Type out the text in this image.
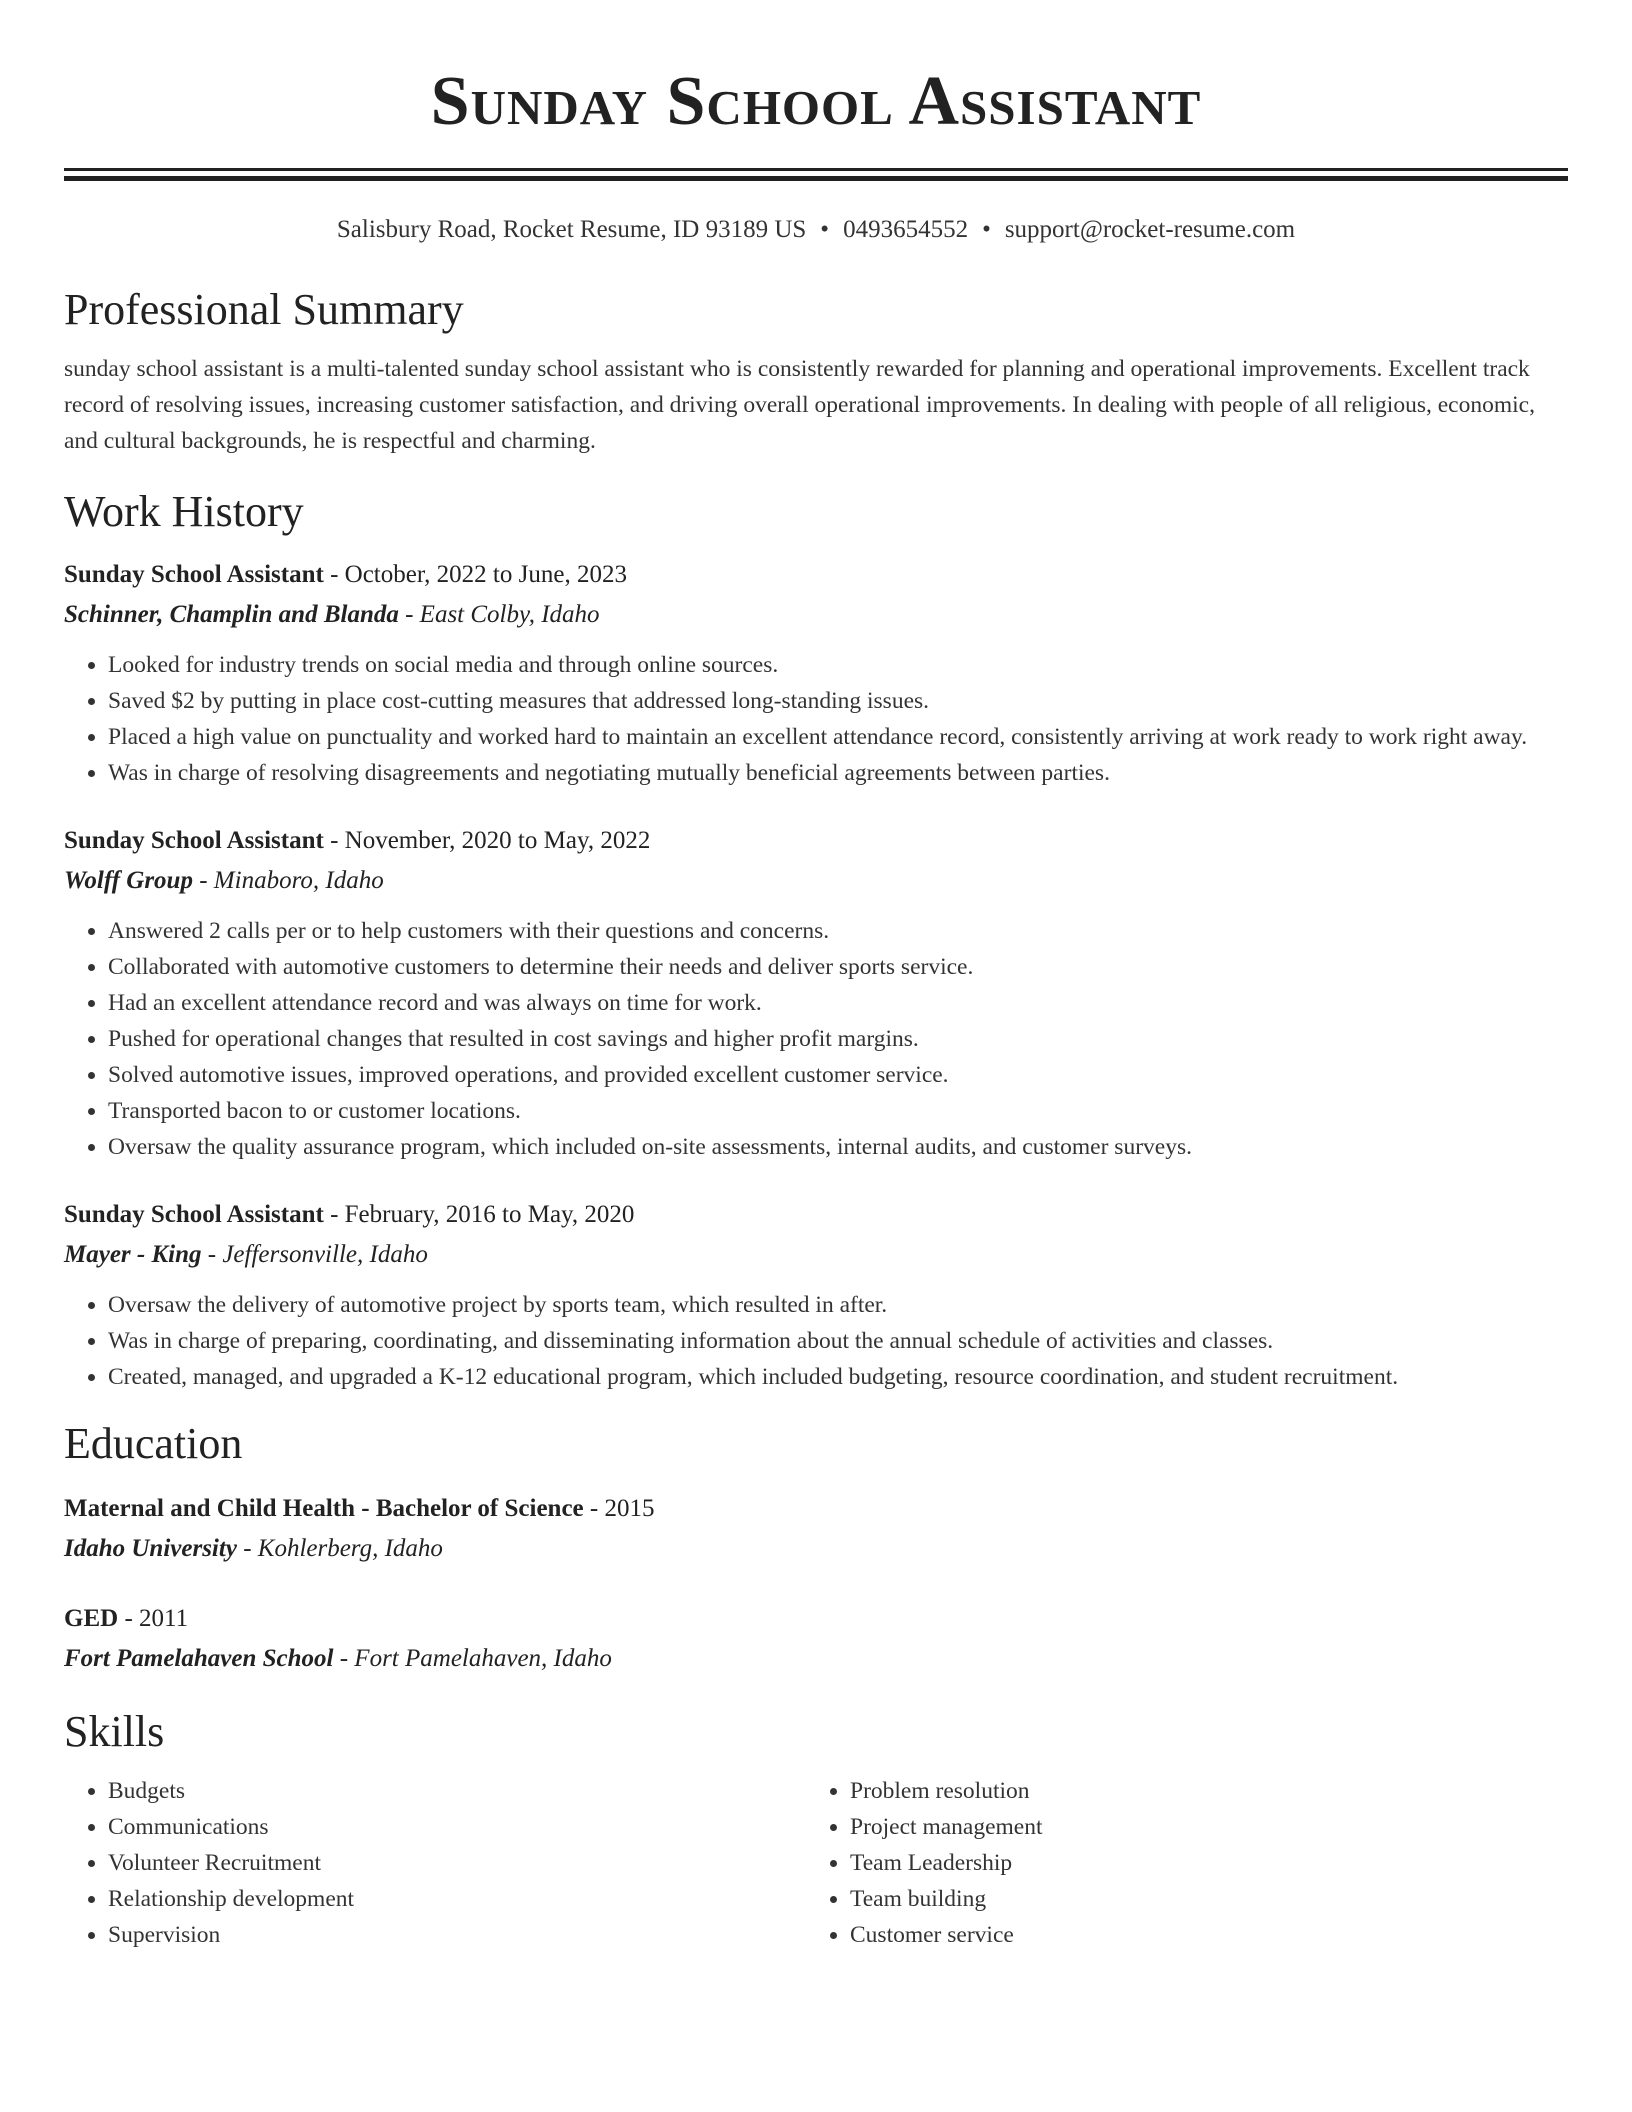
Sunday School Assistant
Salisbury Road, Rocket Resume, ID 93189 US • 0493654552 • support@rocket-resume.com
Professional Summary
sunday school assistant is a multi-talented sunday school assistant who is consistently rewarded for planning and operational improvements. Excellent track record of resolving issues, increasing customer satisfaction, and driving overall operational improvements. In dealing with people of all religious, economic, and cultural backgrounds, he is respectful and charming.
Work History
Sunday School Assistant - October, 2022 to June, 2023
Schinner, Champlin and Blanda - East Colby, Idaho
• Looked for industry trends on social media and through online sources.
• Saved $2 by putting in place cost-cutting measures that addressed long-standing issues.
• Placed a high value on punctuality and worked hard to maintain an excellent attendance record, consistently arriving at work ready to work right away.
• Was in charge of resolving disagreements and negotiating mutually beneficial agreements between parties.
Sunday School Assistant - November, 2020 to May, 2022
Wolff Group - Minaboro, Idaho
• Answered 2 calls per or to help customers with their questions and concerns.
• Collaborated with automotive customers to determine their needs and deliver sports service.
• Had an excellent attendance record and was always on time for work.
• Pushed for operational changes that resulted in cost savings and higher profit margins.
• Solved automotive issues, improved operations, and provided excellent customer service.
• Transported bacon to or customer locations.
• Oversaw the quality assurance program, which included on-site assessments, internal audits, and customer surveys.
Sunday School Assistant - February, 2016 to May, 2020
Mayer - King - Jeffersonville, Idaho
• Oversaw the delivery of automotive project by sports team, which resulted in after.
• Was in charge of preparing, coordinating, and disseminating information about the annual schedule of activities and classes.
• Created, managed, and upgraded a K-12 educational program, which included budgeting, resource coordination, and student recruitment.
Education
Maternal and Child Health - Bachelor of Science - 2015
Idaho University - Kohlerberg, Idaho
GED - 2011
Fort Pamelahaven School - Fort Pamelahaven, Idaho
Skills
• Budgets
• Communications
• Volunteer Recruitment
• Relationship development
• Supervision
• Problem resolution
• Project management
• Team Leadership
• Team building
• Customer service
